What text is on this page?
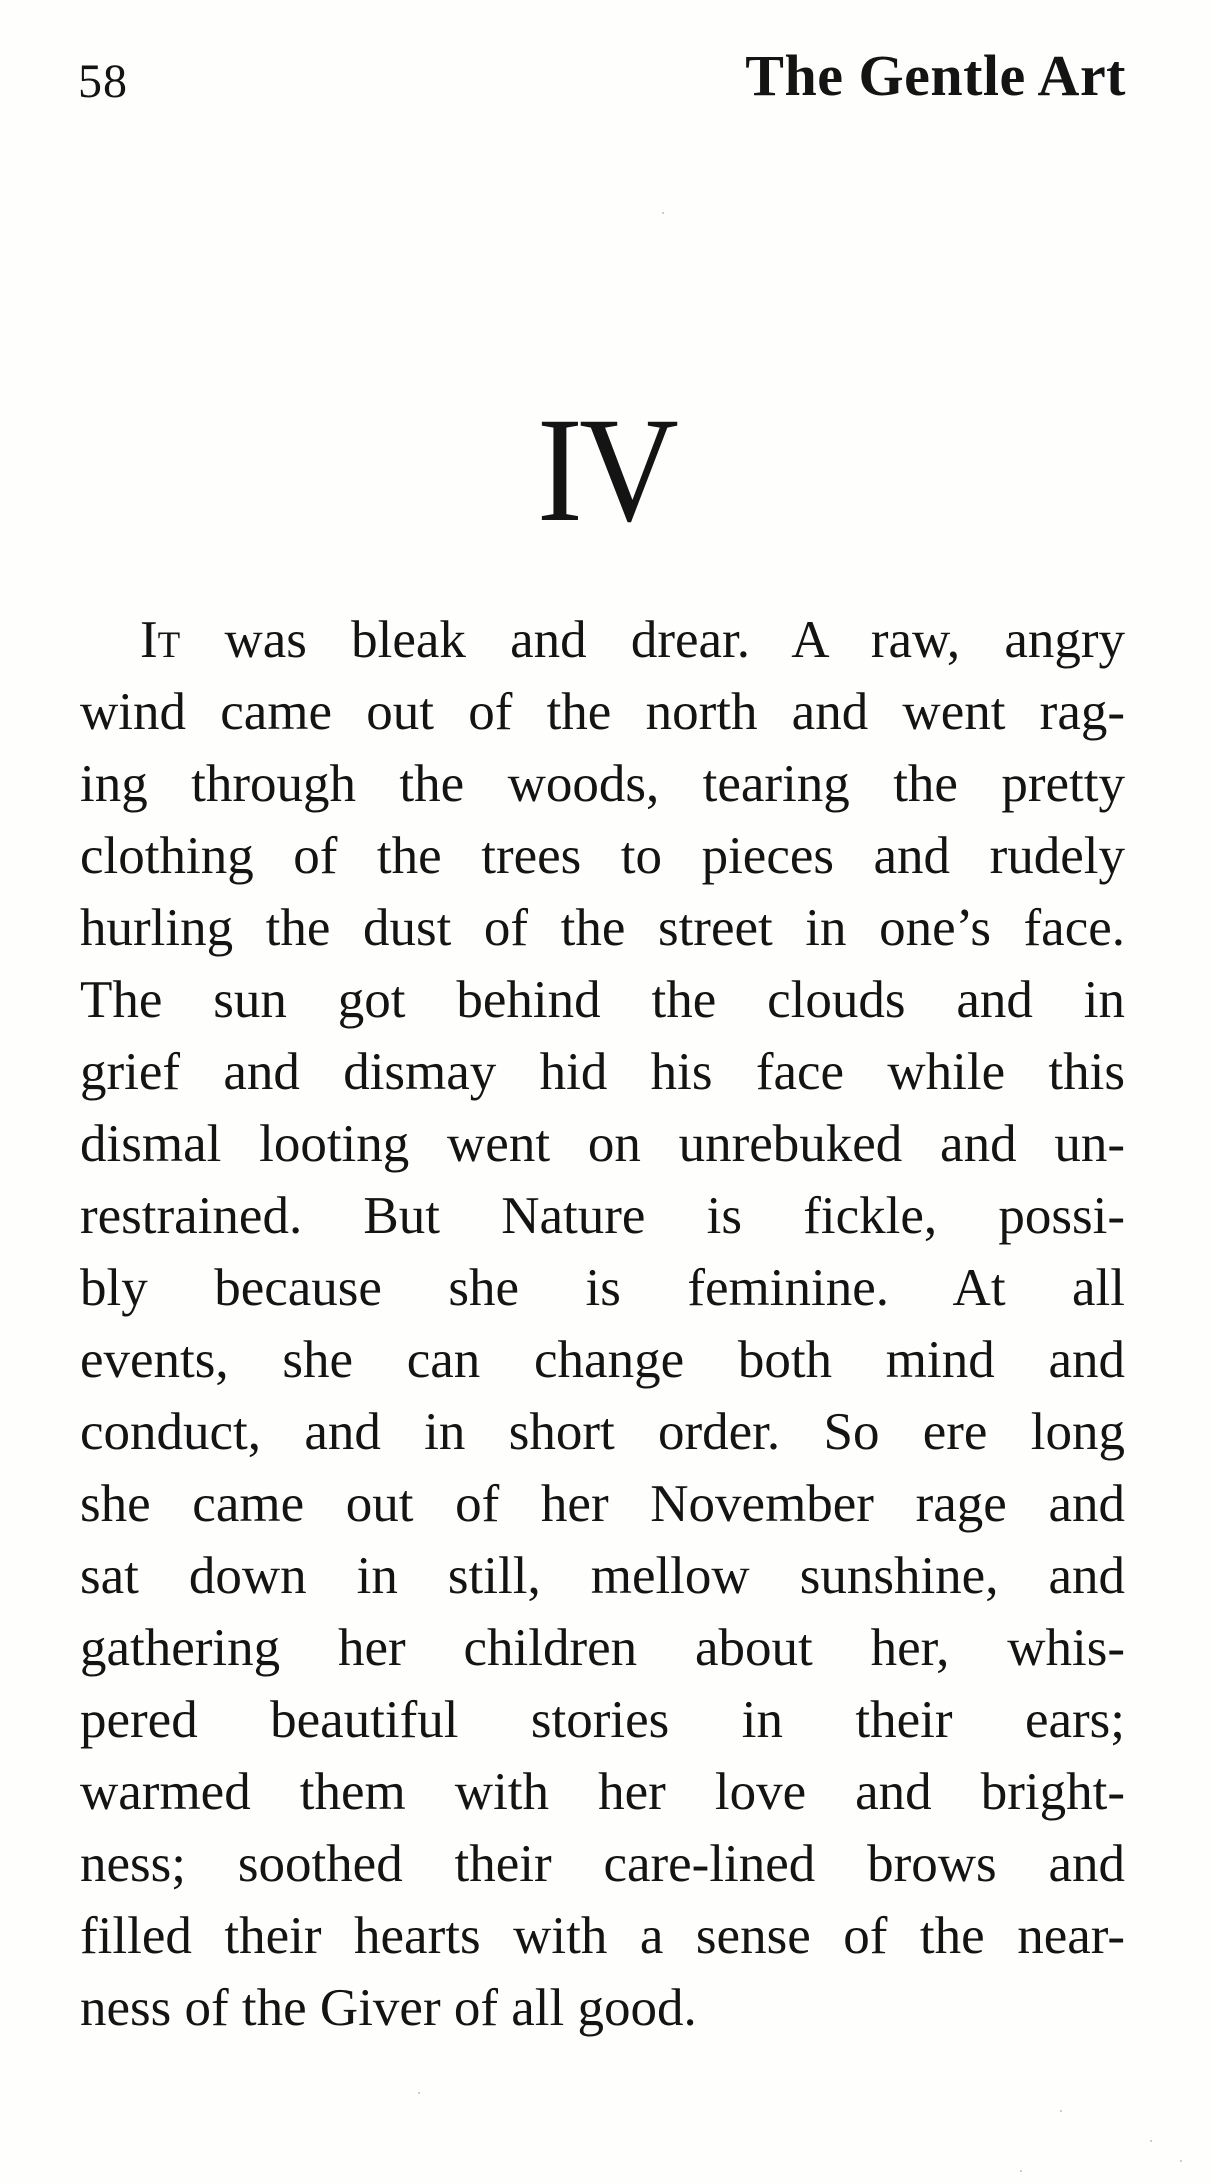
58	The Gentle Art
IV
It was bleak and drear. A raw, angry
wind came out of the north and went rag-
ing through the woods, tearing the pretty
clothing of the trees to pieces and rudely
hurling the dust of the street in one’s face.
The sun got behind the clouds and in
grief and dismay hid his face while this
dismal looting went on unrebuked and un-
restrained. But Nature is fickle, possi-
bly because she is feminine. At all
events, she can change both mind and
conduct, and in short order. So ere long
she came out of her November rage and
sat down in still, mellow sunshine, and
gathering her children about her, whis-
pered beautiful stories in their ears;
warmed them with her love and bright-
ness; soothed their care-lined brows and
filled their hearts with a sense of the near-
ness of the Giver of all good.
